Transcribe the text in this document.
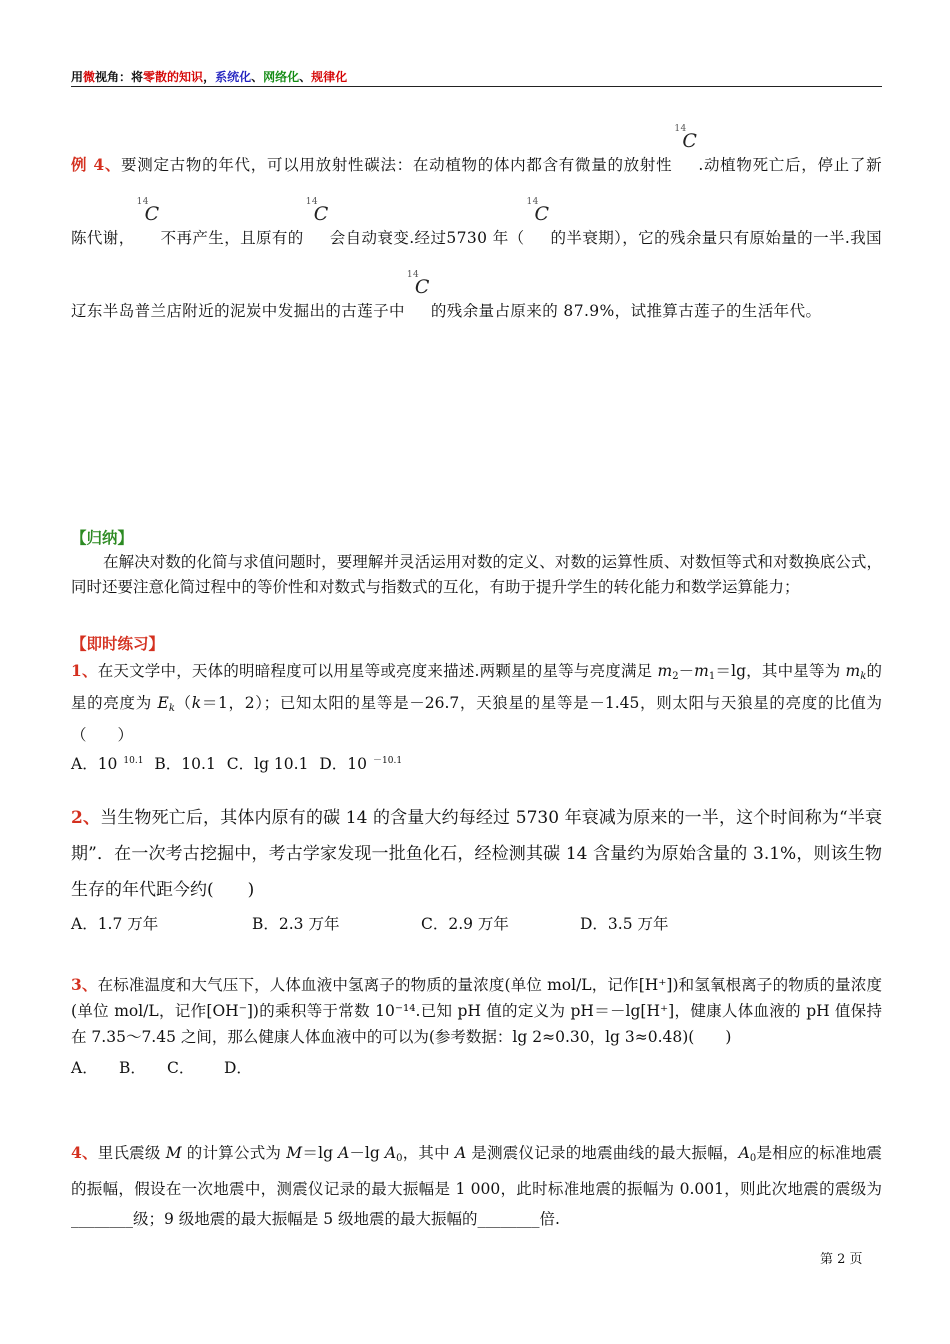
用微视角：将零散的知识，系统化、网络化、规律化
例 4、要测定古物的年代，可以用放射性碳法：在动植物的体内都含有微量的放射性
14
C
.动植物死亡后，停止了新陈代谢，
14
C
不再产生，且原有的
14
C
会自动衰变.经过5730 年（
14
C
的半衰期），它的残余量只有原始量的一半.我国辽东半岛普兰店附近的泥炭中发掘出的古莲子中
14
C
的残余量占原来的 87.9%，试推算古莲子的生活年代。
【归纳】
在解决对数的化简与求值问题时，要理解并灵活运用对数的定义、对数的运算性质、对数恒等式和对数换底公式，同时还要注意化简过程中的等价性和对数式与指数式的互化，有助于提升学生的转化能力和数学运算能力；
【即时练习】
1、在天文学中，天体的明暗程度可以用星等或亮度来描述.两颗星的星等与亮度满足 $m_2-m_1=\lg$，其中星等为 $m_k$的星的亮度为 $E_k(k=1$，2）；已知太阳的星等是－26.7，天狼星的星等是－1.45，则太阳与天狼星的亮度的比值为（　　）
A．10 $^{10.1}$ B．10.1 C．lg 10.1 D．10 $^{-10.1}$
2、当生物死亡后，其体内原有的碳 14 的含量大约每经过 5730 年衰减为原来的一半，这个时间称为“半衰期”．在一次考古挖掘中，考古学家发现一批鱼化石，经检测其碳 14 含量约为原始含量的 3.1%，则该生物生存的年代距今约(　　)
A．1.7 万年	B．2.3 万年	C．2.9 万年	D．3.5 万年
3、在标准温度和大气压下，人体血液中氢离子的物质的量浓度(单位 mol/L，记作[H⁺])和氢氧根离子的物质的量浓度(单位 mol/L，记作[OH⁻])的乘积等于常数 10⁻¹⁴.已知 pH 值的定义为 pH＝－lg[H⁺]，健康人体血液的 pH 值保持在 7.35～7.45 之间，那么健康人体血液中的可以为(参考数据：lg 2≈0.30，lg 3≈0.48)(　　)
A． B． C． D．
4、里氏震级 M 的计算公式为 M＝lg A－lg $A_0$，其中 A 是测震仪记录的地震曲线的最大振幅，$A_0$是相应的标准地震的振幅，假设在一次地震中，测震仪记录的最大振幅是 1 000，此时标准地震的振幅为 0.001，则此次地震的震级为________级；9 级地震的最大振幅是 5 级地震的最大振幅的________倍.
第 2 页
